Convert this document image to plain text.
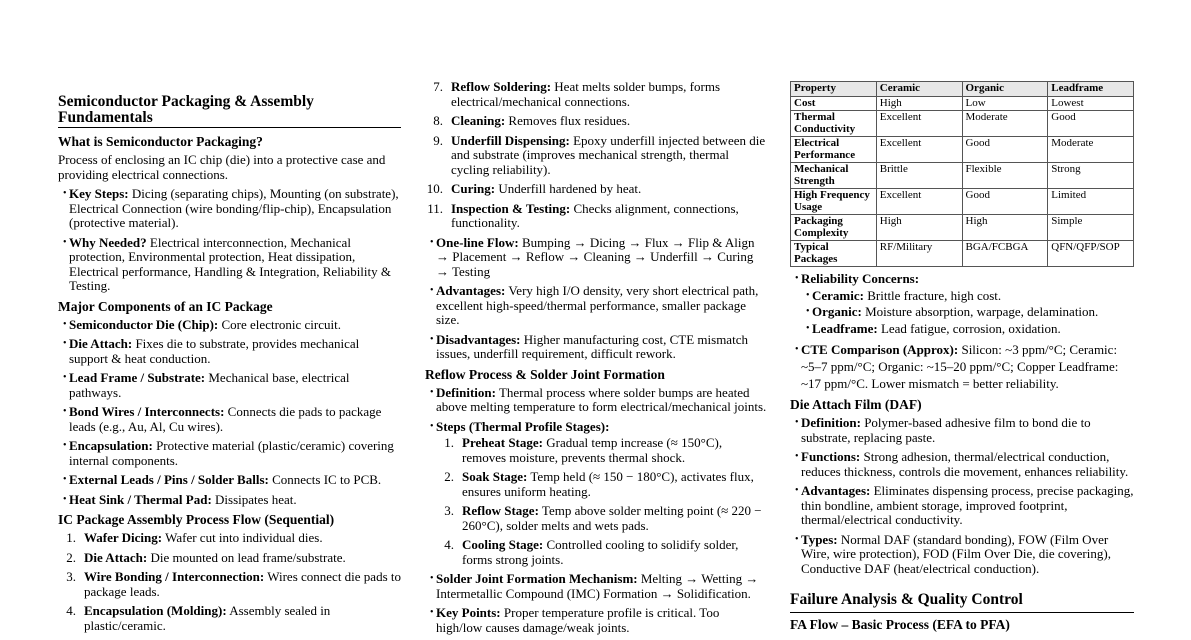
Semiconductor Packaging & Assembly Fundamentals
What is Semiconductor Packaging?

Process of enclosing an IC chip (die) into a protective case and providing electrical connections.

• Key Steps: Dicing (separating chips), Mounting (on substrate), Electrical Connection (wire bonding/flip-chip), Encapsulation (protective material).
• Why Needed? Electrical interconnection, Mechanical protection, Environmental protection, Heat dissipation, Electrical performance, Handling & Integration, Reliability & Testing.
Major Components of an IC Package
• Semiconductor Die (Chip): Core electronic circuit.
• Die Attach: Fixes die to substrate, provides mechanical support & heat conduction.
• Lead Frame / Substrate: Mechanical base, electrical pathways.
• Bond Wires / Interconnects: Connects die pads to package leads (e.g., Au, Al, Cu wires).
• Encapsulation: Protective material (plastic/ceramic) covering internal components.
• External Leads / Pins / Solder Balls: Connects IC to PCB.
• Heat Sink / Thermal Pad: Dissipates heat.
IC Package Assembly Process Flow (Sequential)
1. Wafer Dicing: Wafer cut into individual dies.
2. Die Attach: Die mounted on lead frame/substrate.
3. Wire Bonding / Interconnection: Wires connect die pads to package leads.
4. Encapsulation (Molding): Assembly sealed in plastic/ceramic.
7. Reflow Soldering: Heat melts solder bumps, forms electrical/mechanical connections.
8. Cleaning: Removes flux residues.
9. Underfill Dispensing: Epoxy underfill injected between die and substrate (improves mechanical strength, thermal cycling reliability).
10. Curing: Underfill hardened by heat.
11. Inspection & Testing: Checks alignment, connections, functionality.
• One-line Flow: Bumping → Dicing → Flux → Flip & Align → Placement → Reflow → Cleaning → Underfill → Curing → Testing
• Advantages: Very high I/O density, very short electrical path, excellent high-speed/thermal performance, smaller package size.
• Disadvantages: Higher manufacturing cost, CTE mismatch issues, underfill requirement, difficult rework.
Reflow Process & Solder Joint Formation
• Definition: Thermal process where solder bumps are heated above melting temperature to form electrical/mechanical joints.
• Steps (Thermal Profile Stages):
1. Preheat Stage: Gradual temp increase (≈ 150°C), removes moisture, prevents thermal shock.
2. Soak Stage: Temp held (≈ 150 − 180°C), activates flux, ensures uniform heating.
3. Reflow Stage: Temp above solder melting point (≈ 220 − 260°C), solder melts and wets pads.
4. Cooling Stage: Controlled cooling to solidify solder, forms strong joints.
• Solder Joint Formation Mechanism: Melting → Wetting → Intermetallic Compound (IMC) Formation → Solidification.
• Key Points: Proper temperature profile is critical. Too high/low causes damage/weak joints.
Property	Ceramic	Organic	Leadframe
Cost	High	Low	Lowest
Thermal Conductivity	Excellent	Moderate	Good
Electrical Performance	Excellent	Good	Moderate
Mechanical Strength	Brittle	Flexible	Strong
High Frequency Usage	Excellent	Good	Limited
Packaging Complexity	High	High	Simple
Typical Packages	RF/Military	BGA/FCBGA	QFN/QFP/SOP
• Reliability Concerns:
• Ceramic: Brittle fracture, high cost.
• Organic: Moisture absorption, warpage, delamination.
• Leadframe: Lead fatigue, corrosion, oxidation.
• CTE Comparison (Approx): Silicon: ~3 ppm/°C; Ceramic: ~5–7 ppm/°C; Organic: ~15–20 ppm/°C; Copper Leadframe: ~17 ppm/°C. Lower mismatch = better reliability.
Die Attach Film (DAF)
• Definition: Polymer-based adhesive film to bond die to substrate, replacing paste.
• Functions: Strong adhesion, thermal/electrical conduction, reduces thickness, controls die movement, enhances reliability.
• Advantages: Eliminates dispensing process, precise packaging, thin bondline, ambient storage, improved footprint, thermal/electrical conductivity.
• Types: Normal DAF (standard bonding), FOW (Film Over Wire, wire protection), FOD (Film Over Die, die covering), Conductive DAF (heat/electrical conduction).
Failure Analysis & Quality Control
FA Flow – Basic Process (EFA to PFA)
